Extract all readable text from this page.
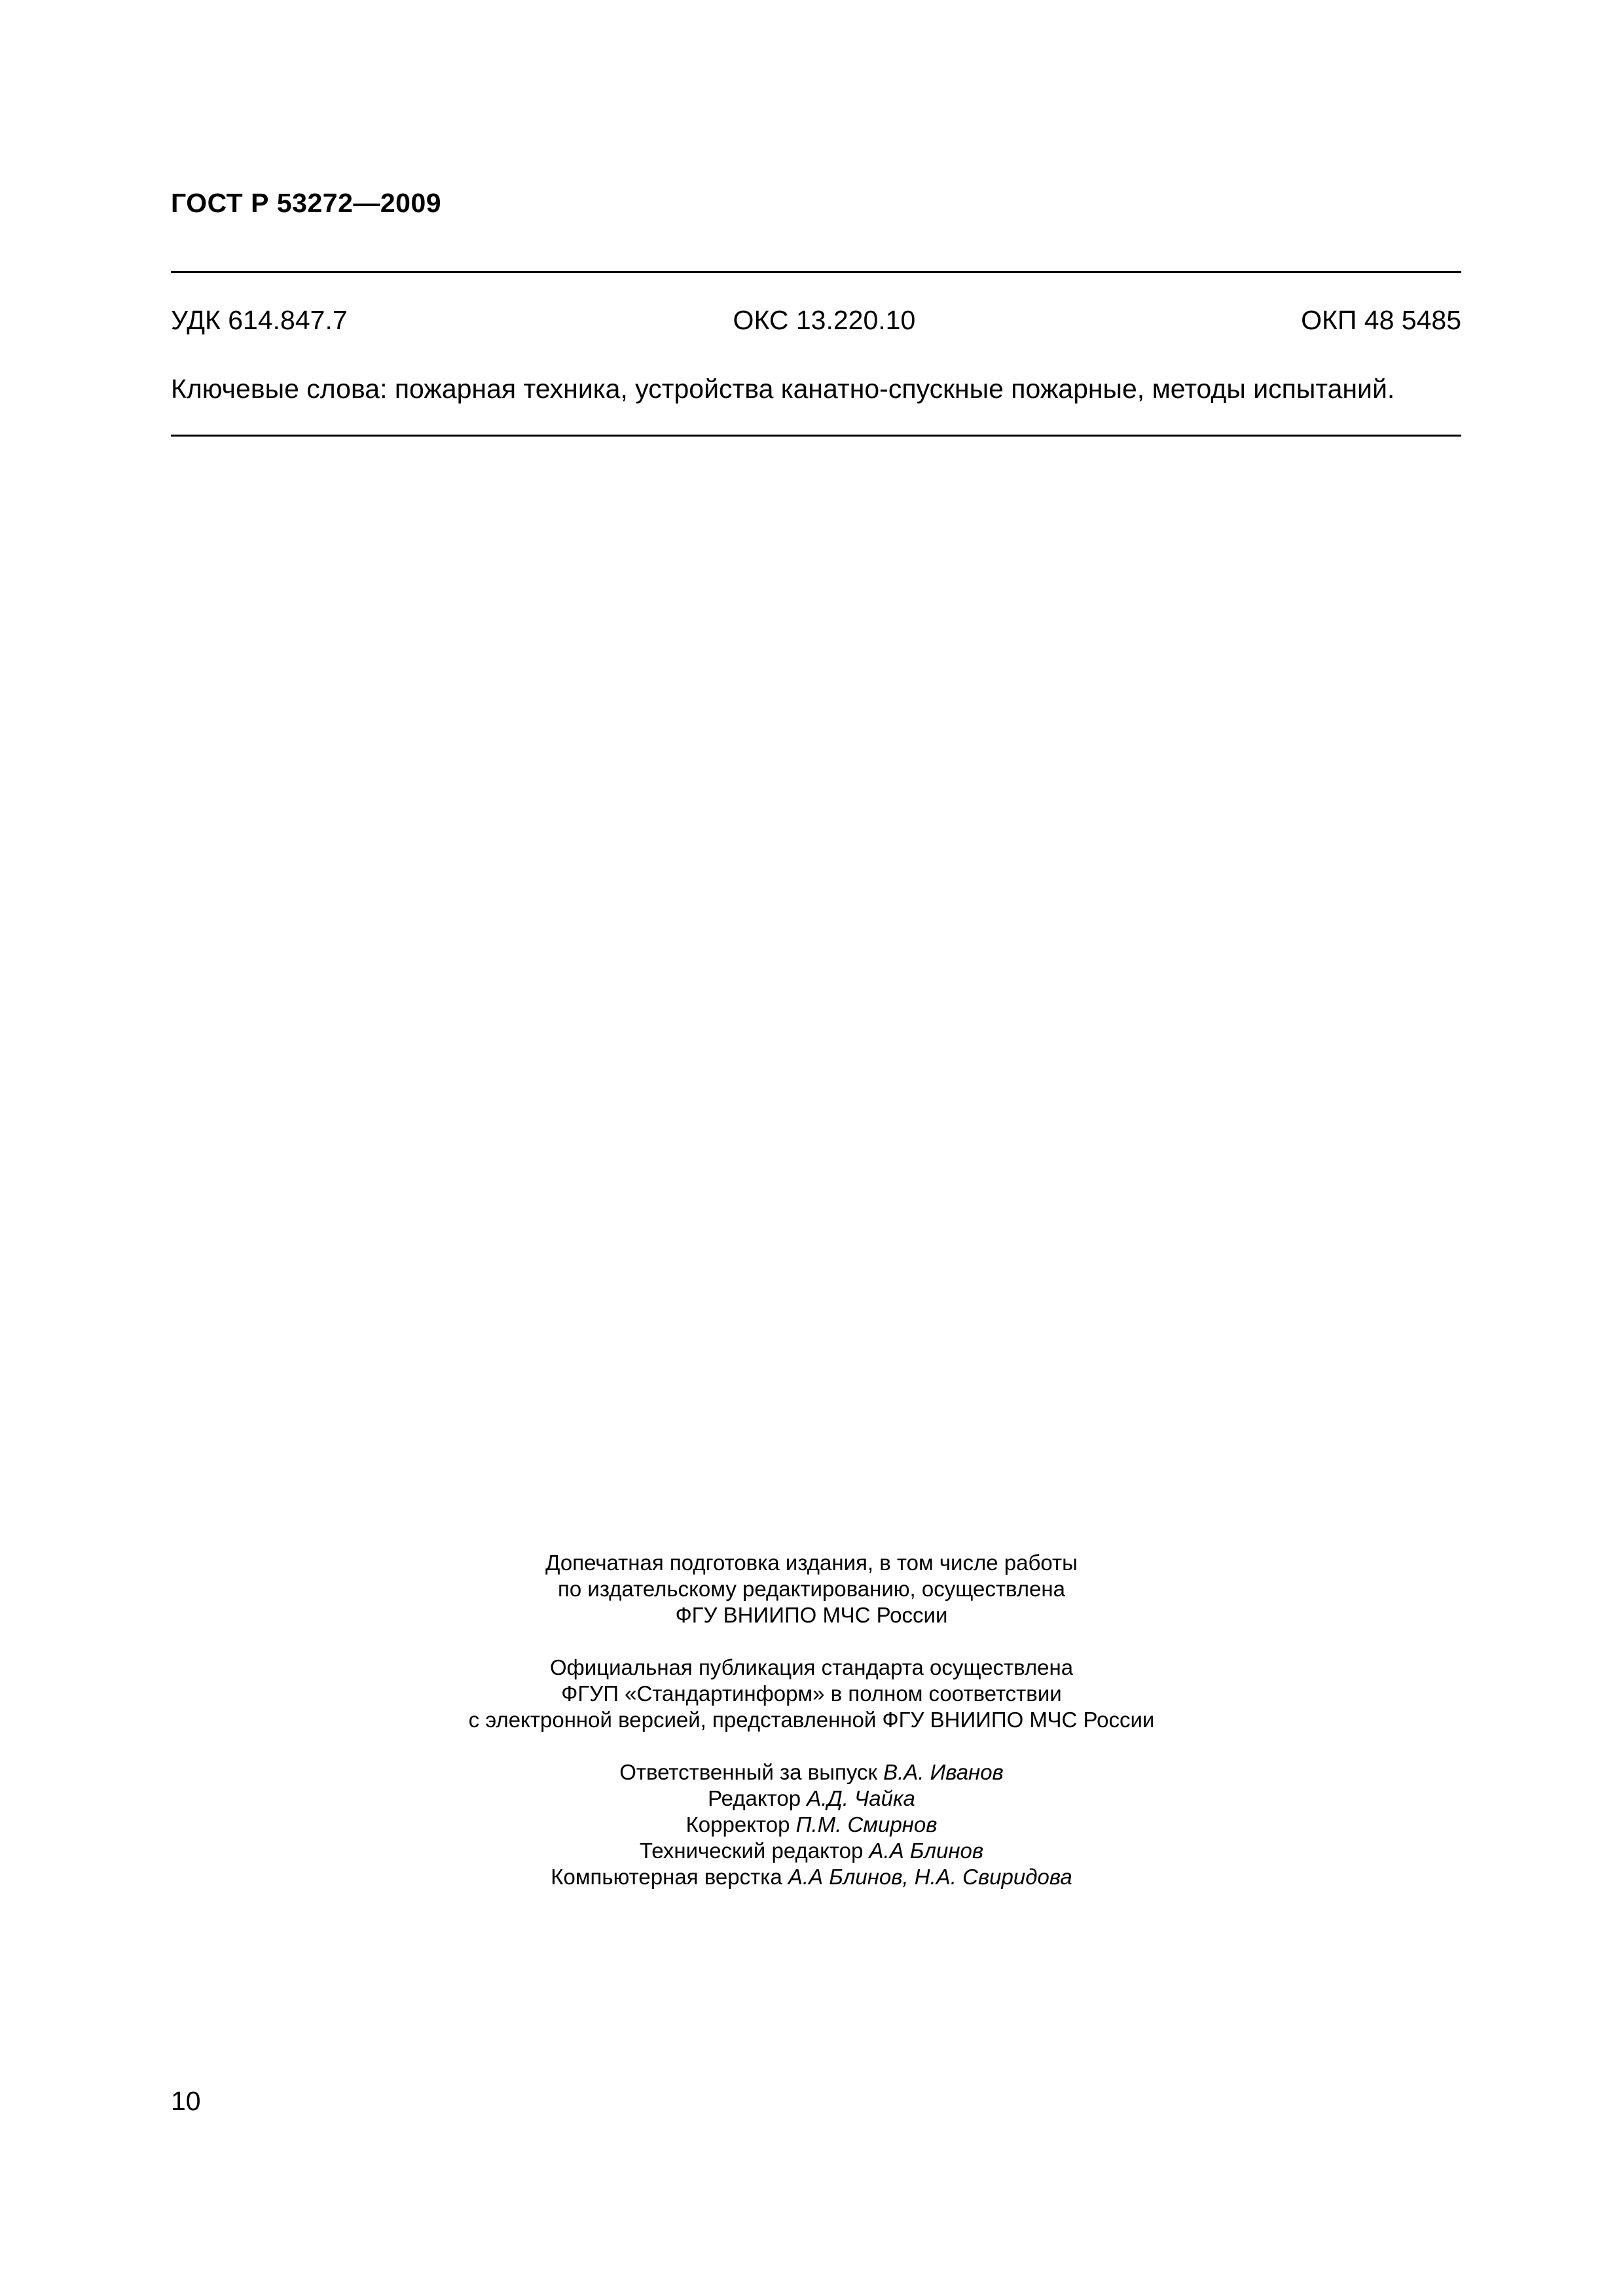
ГОСТ Р 53272—2009
УДК 614.847.7	ОКС 13.220.10	ОКП 48 5485
Ключевые слова: пожарная техника, устройства канатно-спускные пожарные, методы испытаний.
Допечатная подготовка издания, в том числе работы
по издательскому редактированию, осуществлена
ФГУ ВНИИПО МЧС России
Официальная публикация стандарта осуществлена
ФГУП «Стандартинформ» в полном соответствии
с электронной версией, представленной ФГУ ВНИИПО МЧС России
Ответственный за выпуск В.А. Иванов
Редактор А.Д. Чайка
Корректор П.М. Смирнов
Технический редактор А.А Блинов
Компьютерная верстка А.А Блинов, Н.А. Свиридова
10
